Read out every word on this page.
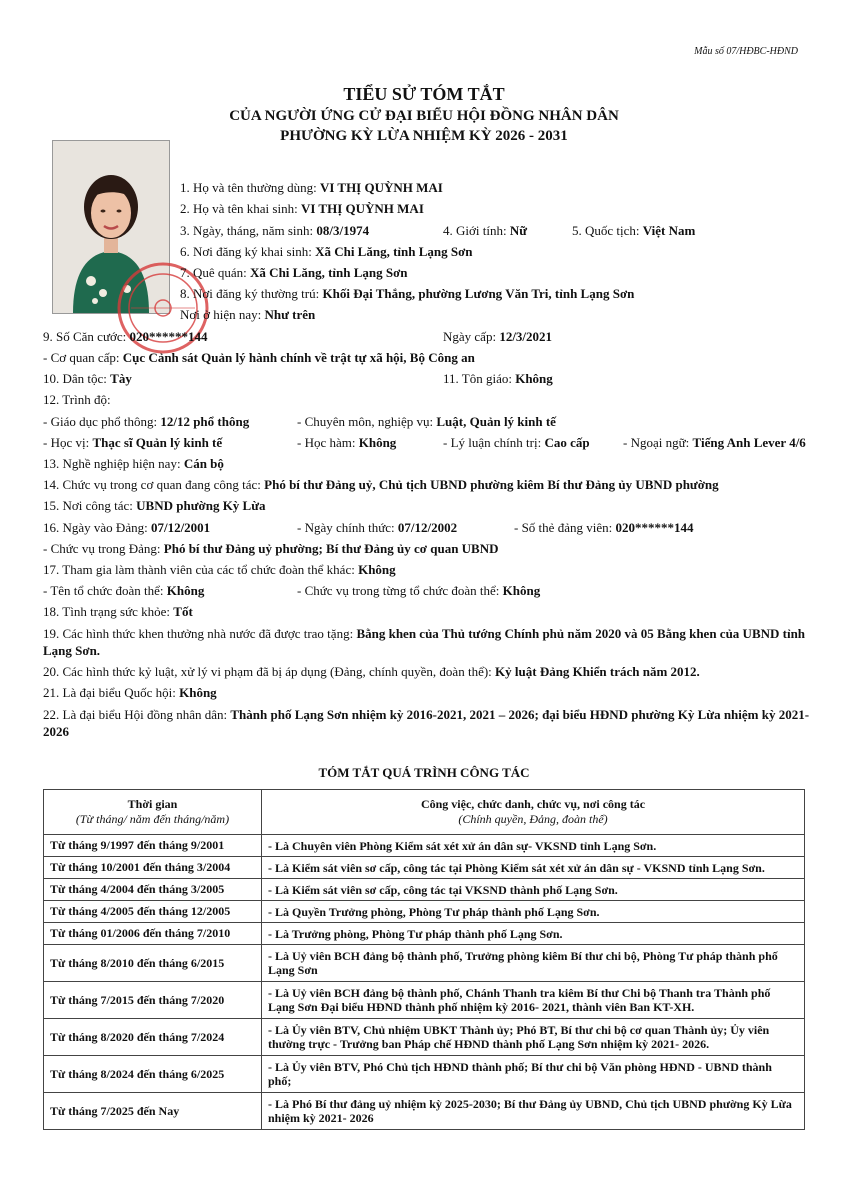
Mẫu số 07/HĐBC-HĐND
TIỂU SỬ TÓM TẮT
CỦA NGƯỜI ỨNG CỬ ĐẠI BIỂU HỘI ĐỒNG NHÂN DÂN
PHƯỜNG KỲ LỪA NHIỆM KỲ 2026 - 2031
1. Họ và tên thường dùng: VI THỊ QUỲNH MAI
2. Họ và tên khai sinh: VI THỊ QUỲNH MAI
3. Ngày, tháng, năm sinh: 08/3/1974	4. Giới tính: Nữ	5. Quốc tịch: Việt Nam
6. Nơi đăng ký khai sinh: Xã Chi Lăng, tỉnh Lạng Sơn
7. Quê quán: Xã Chi Lăng, tỉnh Lạng Sơn
8. Nơi đăng ký thường trú: Khối Đại Thắng, phường Lương Văn Tri, tỉnh Lạng Sơn
Nơi ở hiện nay: Như trên
9. Số Căn cước: 020******144	Ngày cấp: 12/3/2021
- Cơ quan cấp: Cục Cảnh sát Quản lý hành chính về trật tự xã hội, Bộ Công an
10. Dân tộc: Tày	11. Tôn giáo: Không
12. Trình độ:
- Giáo dục phổ thông: 12/12 phổ thông	- Chuyên môn, nghiệp vụ: Luật, Quản lý kinh tế
- Học vị: Thạc sĩ Quản lý kinh tế	- Học hàm: Không	- Lý luận chính trị: Cao cấp	- Ngoại ngữ: Tiếng Anh Lever 4/6
13. Nghề nghiệp hiện nay: Cán bộ
14. Chức vụ trong cơ quan đang công tác: Phó bí thư Đảng uỷ, Chủ tịch UBND phường kiêm Bí thư Đảng ủy UBND phường
15. Nơi công tác: UBND phường Kỳ Lừa
16. Ngày vào Đảng: 07/12/2001	- Ngày chính thức: 07/12/2002	- Số thẻ đảng viên: 020******144
- Chức vụ trong Đảng: Phó bí thư Đảng uỷ phường; Bí thư Đảng ủy cơ quan UBND
17. Tham gia làm thành viên của các tổ chức đoàn thể khác: Không
- Tên tổ chức đoàn thể: Không	- Chức vụ trong từng tổ chức đoàn thể: Không
18. Tình trạng sức khỏe: Tốt
19. Các hình thức khen thưởng nhà nước đã được trao tặng: Bằng khen của Thủ tướng Chính phủ năm 2020 và 05 Bằng khen của UBND tỉnh Lạng Sơn.
20. Các hình thức kỷ luật, xử lý vi phạm đã bị áp dụng (Đảng, chính quyền, đoàn thể): Kỷ luật Đảng Khiển trách năm 2012.
21. Là đại biểu Quốc hội: Không
22. Là đại biểu Hội đồng nhân dân: Thành phố Lạng Sơn nhiệm kỳ 2016-2021, 2021 – 2026; đại biểu HĐND phường Kỳ Lừa nhiệm kỳ 2021- 2026
TÓM TẮT QUÁ TRÌNH CÔNG TÁC
Thời gian
(Từ tháng/ năm đến tháng/năm)	Công việc, chức danh, chức vụ, nơi công tác
(Chính quyền, Đảng, đoàn thể)
Từ tháng 9/1997 đến tháng 9/2001	- Là Chuyên viên Phòng Kiểm sát xét xử án dân sự- VKSND tỉnh Lạng Sơn.
Từ tháng 10/2001 đến tháng 3/2004	- Là Kiểm sát viên sơ cấp, công tác tại Phòng Kiểm sát xét xử án dân sự - VKSND tỉnh Lạng Sơn.
Từ tháng 4/2004 đến tháng 3/2005	- Là Kiểm sát viên sơ cấp, công tác tại VKSND thành phố Lạng Sơn.
Từ tháng 4/2005 đến tháng 12/2005	- Là Quyền Trưởng phòng, Phòng Tư pháp thành phố Lạng Sơn.
Từ tháng 01/2006 đến tháng 7/2010	- Là Trưởng phòng, Phòng Tư pháp thành phố Lạng Sơn.
Từ tháng 8/2010 đến tháng 6/2015	- Là Uỷ viên BCH đảng bộ thành phố, Trưởng phòng kiêm Bí thư chi bộ, Phòng Tư pháp thành phố Lạng Sơn
Từ tháng 7/2015 đến tháng 7/2020	- Là Uỷ viên BCH đảng bộ thành phố, Chánh Thanh tra kiêm Bí thư Chi bộ Thanh tra Thành phố Lạng Sơn Đại biểu HĐND thành phố nhiệm kỳ 2016- 2021, thành viên Ban KT-XH.
Từ tháng 8/2020 đến tháng 7/2024	- Là Ủy viên BTV, Chủ nhiệm UBKT Thành ủy; Phó BT, Bí thư chi bộ cơ quan Thành ủy; Ủy viên thường trực - Trưởng ban Pháp chế HĐND thành phố Lạng Sơn nhiệm kỳ 2021- 2026.
Từ tháng 8/2024 đến tháng 6/2025	- Là Ủy viên BTV, Phó Chủ tịch HĐND thành phố; Bí thư chi bộ Văn phòng HĐND - UBND thành phố;
Từ tháng 7/2025 đến Nay	- Là Phó Bí thư đảng uỷ nhiệm kỳ 2025-2030; Bí thư Đảng ủy UBND, Chủ tịch UBND phường Kỳ Lừa nhiệm kỳ 2021- 2026
